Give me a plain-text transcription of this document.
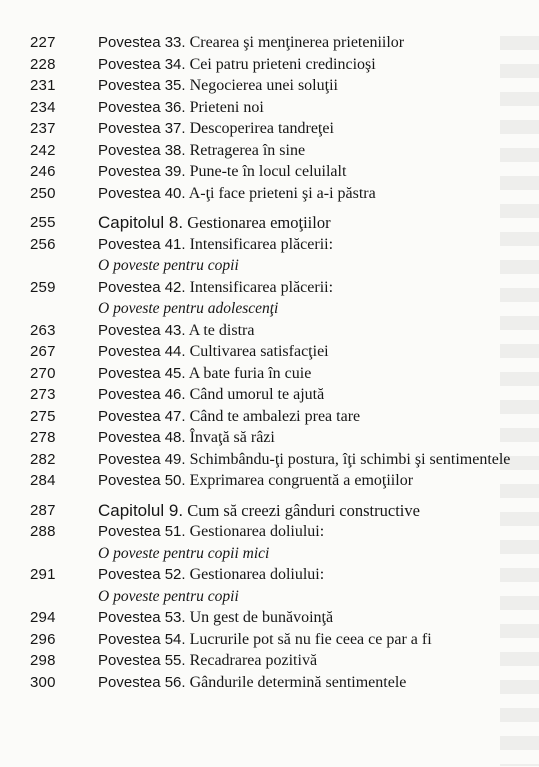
227	Povestea 33. Crearea şi menţinerea prieteniilor
228	Povestea 34. Cei patru prieteni credincioşi
231	Povestea 35. Negocierea unei soluţii
234	Povestea 36. Prieteni noi
237	Povestea 37. Descoperirea tandreţei
242	Povestea 38. Retragerea în sine
246	Povestea 39. Pune-te în locul celuilalt
250	Povestea 40. A-ţi face prieteni şi a-i păstra
255	Capitolul 8. Gestionarea emoţiilor
256	Povestea 41. Intensificarea plăcerii:
O poveste pentru copii
259	Povestea 42. Intensificarea plăcerii:
O poveste pentru adolescenţi
263	Povestea 43. A te distra
267	Povestea 44. Cultivarea satisfacţiei
270	Povestea 45. A bate furia în cuie
273	Povestea 46. Când umorul te ajută
275	Povestea 47. Când te ambalezi prea tare
278	Povestea 48. Învaţă să râzi
282	Povestea 49. Schimbându-ţi postura, îţi schimbi şi sentimentele
284	Povestea 50. Exprimarea congruentă a emoţiilor
287	Capitolul 9. Cum să creezi gânduri constructive
288	Povestea 51. Gestionarea doliului:
O poveste pentru copii mici
291	Povestea 52. Gestionarea doliului:
O poveste pentru copii
294	Povestea 53. Un gest de bunăvoinţă
296	Povestea 54. Lucrurile pot să nu fie ceea ce par a fi
298	Povestea 55. Recadrarea pozitivă
300	Povestea 56. Gândurile determină sentimentele
